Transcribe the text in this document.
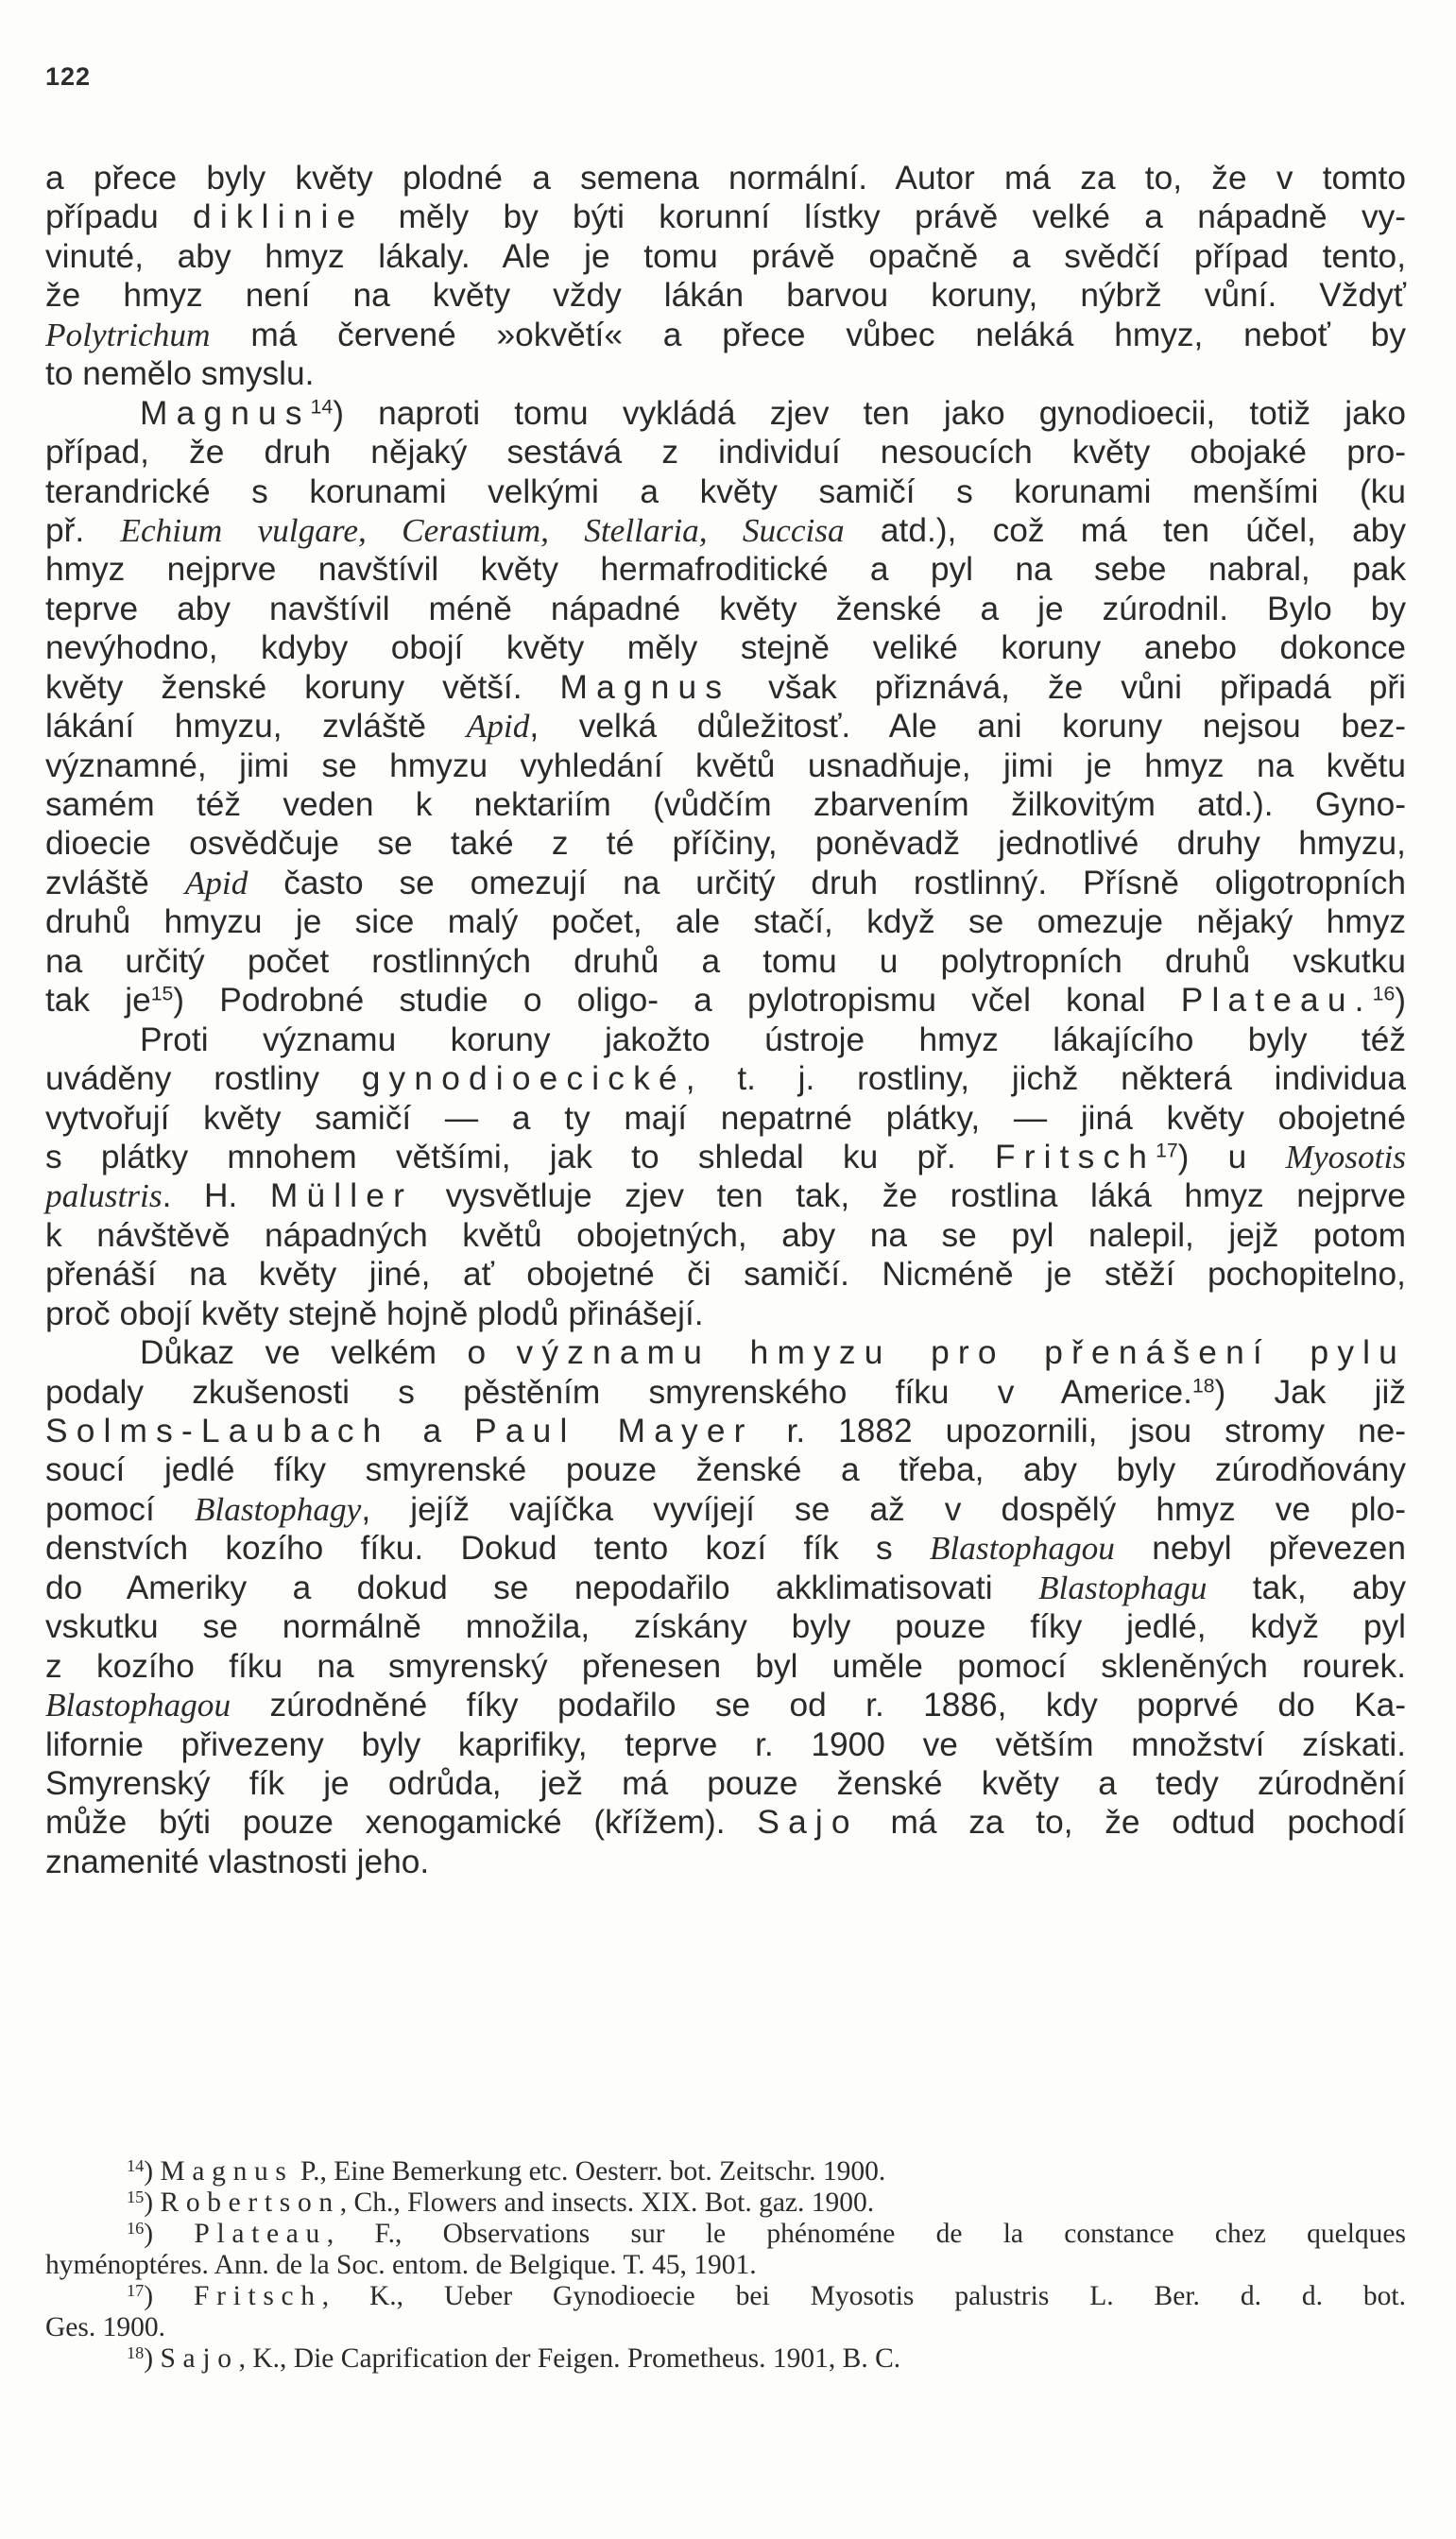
122
a přece byly květy plodné a semena normální. Autor má za to, že v tomto
případu diklinie měly by býti korunní lístky právě velké a nápadně vy-
vinuté, aby hmyz lákaly. Ale je tomu právě opačně a svědčí případ tento,
že hmyz není na květy vždy lákán barvou koruny, nýbrž vůní. Vždyť
Polytrichum má červené »okvětí« a přece vůbec neláká hmyz, neboť by
to nemělo smyslu.
Magnus$^{14}$) naproti tomu vykládá zjev ten jako gynodioecii, totiž jako
případ, že druh nějaký sestává z individuí nesoucích květy obojaké pro-
terandrické s korunami velkými a květy samičí s korunami menšími (ku
př. Echium vulgare, Cerastium, Stellaria, Succisa atd.), což má ten účel, aby
hmyz nejprve navštívil květy hermafroditické a pyl na sebe nabral, pak
teprve aby navštívil méně nápadné květy ženské a je zúrodnil. Bylo by
nevýhodno, kdyby obojí květy měly stejně veliké koruny anebo dokonce
květy ženské koruny větší. Magnus však přiznává, že vůni připadá při
lákání hmyzu, zvláště Apid, velká důležitosť. Ale ani koruny nejsou bez-
významné, jimi se hmyzu vyhledání květů usnadňuje, jimi je hmyz na květu
samém též veden k nektariím (vůdčím zbarvením žilkovitým atd.). Gyno-
dioecie osvědčuje se také z té příčiny, poněvadž jednotlivé druhy hmyzu,
zvláště Apid často se omezují na určitý druh rostlinný. Přísně oligotropních
druhů hmyzu je sice malý počet, ale stačí, když se omezuje nějaký hmyz
na určitý počet rostlinných druhů a tomu u polytropních druhů vskutku
tak $je^{15}$) Podrobné studie o oligo- a pylotropismu včel konal Plateau.$^{16}$)
Proti významu koruny jakožto ústroje hmyz lákajícího byly též
uváděny rostliny gynodioecické, t. j. rostliny, jichž některá individua
vytvořují květy samičí — a ty mají nepatrné plátky, — jiná květy obojetné
s plátky mnohem většími, jak to shledal ku př. Fritsch$^{17}$) u Myosotis
palustris. H. Müller vysvětluje zjev ten tak, že rostlina láká hmyz nejprve
k návštěvě nápadných květů obojetných, aby na se pyl nalepil, jejž potom
přenáší na květy jiné, ať obojetné či samičí. Nicméně je stěží pochopitelno,
proč obojí květy stejně hojně plodů přinášejí.
Důkaz ve velkém o významu hmyzu pro přenášení pylu
podaly zkušenosti s pěstěním smyrenského fíku v Americe.$^{18}$) Jak již
Solms-Laubach a Paul Mayer r. 1882 upozornili, jsou stromy ne-
soucí jedlé fíky smyrenské pouze ženské a třeba, aby byly zúrodňovány
pomocí Blastophagy, jejíž vajíčka vyvíjejí se až v dospělý hmyz ve plo-
denstvích kozího fíku. Dokud tento kozí fík s Blastophagou nebyl převezen
do Ameriky a dokud se nepodařilo akklimatisovati Blastophagu tak, aby
vskutku se normálně množila, získány byly pouze fíky jedlé, když pyl
z kozího fíku na smyrenský přenesen byl uměle pomocí skleněných rourek.
Blastophagou zúrodněné fíky podařilo se od r. 1886, kdy poprvé do Ka-
lifornie přivezeny byly kaprifiky, teprve r. 1900 ve větším množství získati.
Smyrenský fík je odrůda, jež má pouze ženské květy a tedy zúrodnění
může býti pouze xenogamické (křížem). Sajo má za to, že odtud pochodí
znamenité vlastnosti jeho.
$^{14}$) Magnus P., Eine Bemerkung etc. Oesterr. bot. Zeitschr. 1900.
$^{15}$) Robertson, Ch., Flowers and insects. XIX. Bot. gaz. 1900.
$^{16}$) Plateau, F., Observations sur le phénoméne de la constance chez quelques
hyménoptéres. Ann. de la Soc. entom. de Belgique. T. 45, 1901.
$^{17}$) Fritsch, K., Ueber Gynodioecie bei Myosotis palustris L. Ber. d. d. bot.
Ges. 1900.
$^{18}$) Sajo, K., Die Caprification der Feigen. Prometheus. 1901, B. C.
